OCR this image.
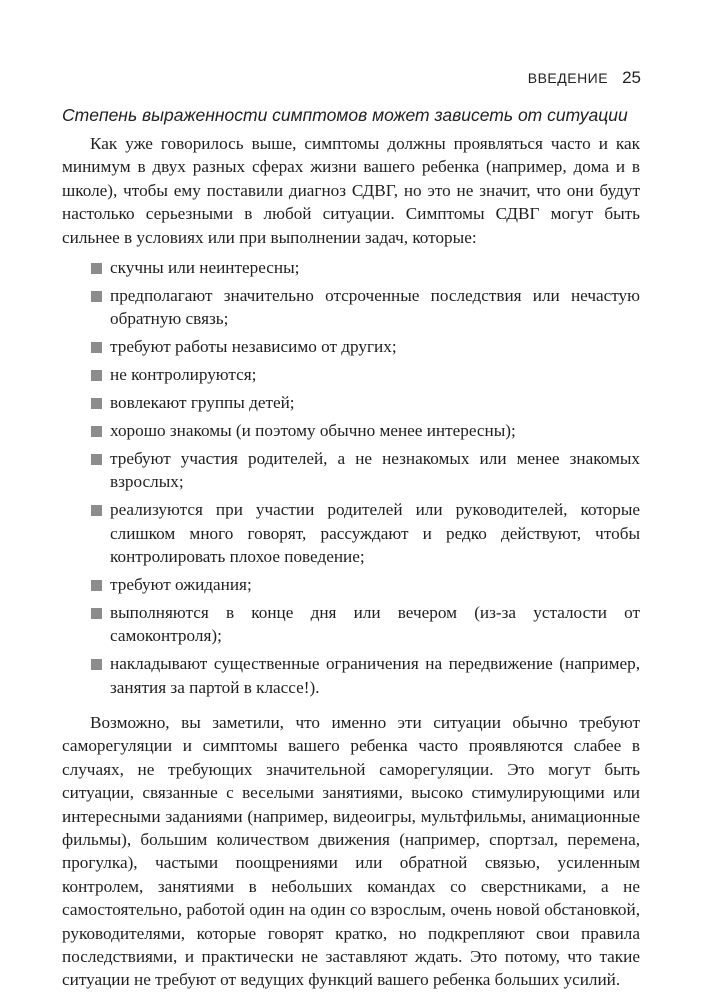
ВВЕДЕНИЕ 25
Степень выраженности симптомов может зависеть от ситуации

Как уже говорилось выше, симптомы должны проявляться часто и как минимум в двух разных сферах жизни вашего ребенка (например, дома и в школе), чтобы ему поставили диагноз СДВГ, но это не значит, что они будут настолько серьезными в любой ситуации. Симптомы СДВГ могут быть сильнее в условиях или при выполнении задач, которые:

скучны или неинтересны;
предполагают значительно отсроченные последствия или нечастую обратную связь;
требуют работы независимо от других;
не контролируются;
вовлекают группы детей;
хорошо знакомы (и поэтому обычно менее интересны);
требуют участия родителей, а не незнакомых или менее знакомых взрослых;
реализуются при участии родителей или руководителей, которые слишком много говорят, рассуждают и редко действуют, чтобы контролировать плохое поведение;
требуют ожидания;
выполняются в конце дня или вечером (из-за усталости от самоконтроля);
накладывают существенные ограничения на передвижение (например, занятия за партой в классе!).

Возможно, вы заметили, что именно эти ситуации обычно требуют саморегуляции и симптомы вашего ребенка часто проявляются слабее в случаях, не требующих значительной саморегуляции. Это могут быть ситуации, связанные с веселыми занятиями, высоко стимулирующими или интересными заданиями (например, видеоигры, мультфильмы, анимационные фильмы), большим количеством движения (например, спортзал, перемена, прогулка), частыми поощрениями или обратной связью, усиленным контролем, занятиями в небольших командах со сверстниками, а не самостоятельно, работой один на один со взрослым, очень новой обстановкой, руководителями, которые говорят кратко, но подкрепляют свои правила последствиями, и практически не заставляют ждать. Это потому, что такие ситуации не требуют от ведущих функций вашего ребенка больших усилий.
